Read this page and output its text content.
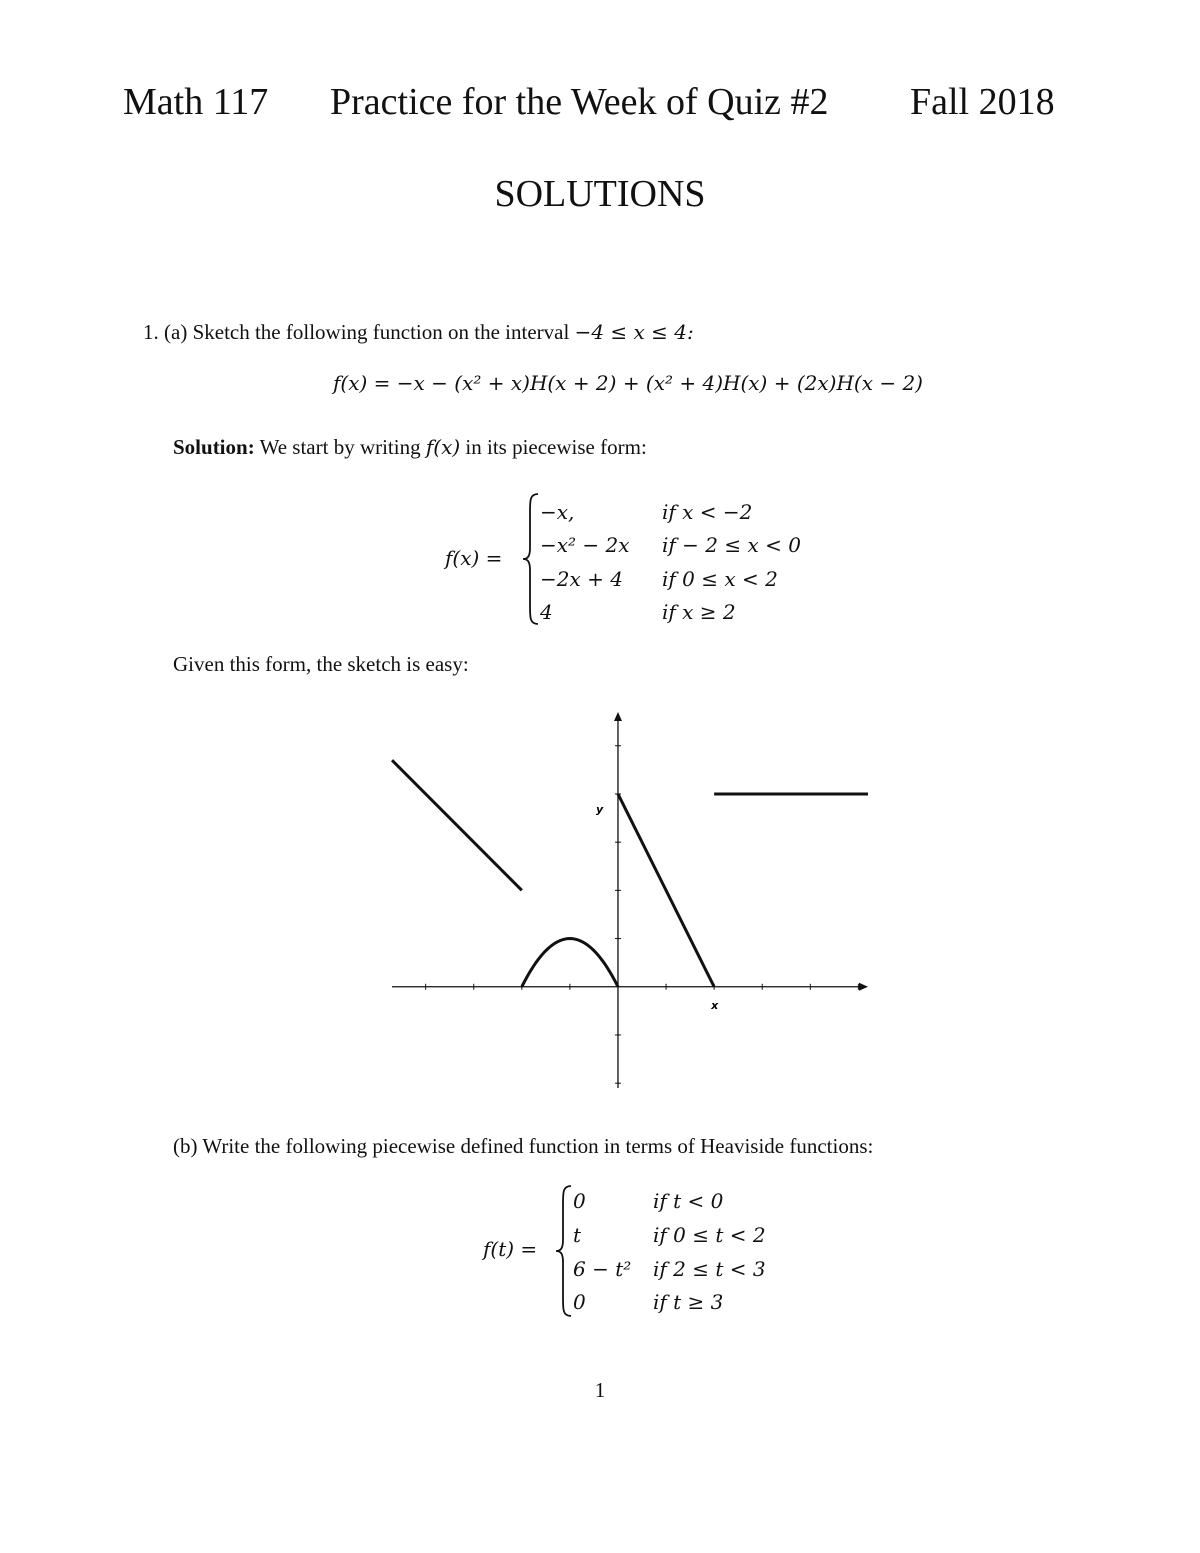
Math 117 Practice for the Week of Quiz #2 Fall 2018
SOLUTIONS
1. (a) Sketch the following function on the interval −4 ≤ x ≤ 4:
f(x) = −x − (x² + x)H(x + 2) + (x² + 4)H(x) + (2x)H(x − 2)
Solution: We start by writing f(x) in its piecewise form:
f(x) =
−x,	if x < −2
−x² − 2x if − 2 ≤ x < 0
−2x + 4 if 0 ≤ x < 2
4	if x ≥ 2
Given this form, the sketch is easy:
x
y
(b) Write the following piecewise defined function in terms of Heaviside functions:
f(t) =
0	if t < 0
t	if 0 ≤ t < 2
6 − t² if 2 ≤ t < 3
0	if t ≥ 3
1
